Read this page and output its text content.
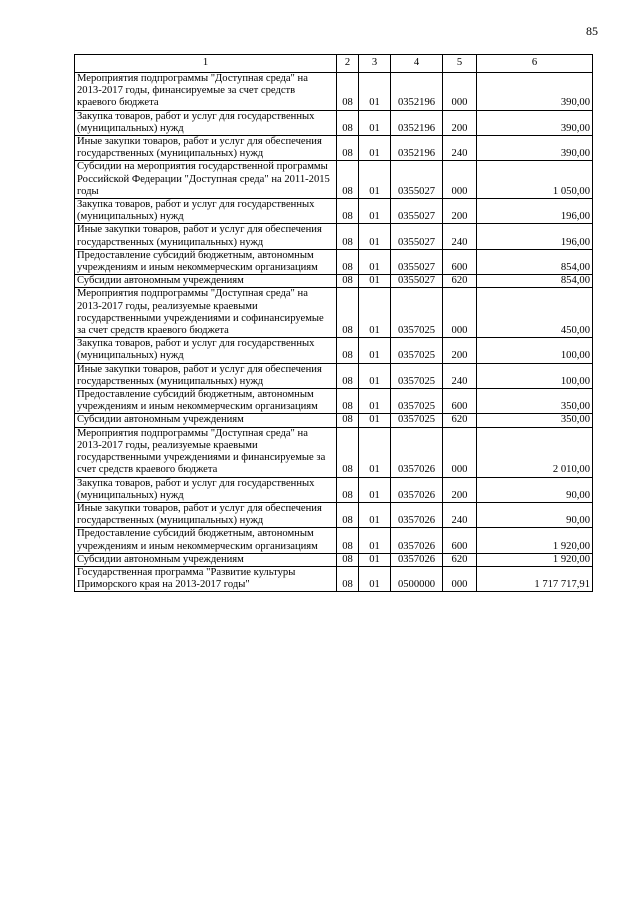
85
1	2	3	4	5	6
Мероприятия подпрограммы "Доступная среда" на 2013-2017 годы, финансируемые за счет средств краевого бюджета	08	01	0352196	000	390,00
Закупка товаров, работ и услуг для государственных (муниципальных) нужд	08	01	0352196	200	390,00
Иные закупки товаров, работ и услуг для обеспечения государственных (муниципальных) нужд	08	01	0352196	240	390,00
Субсидии на мероприятия государственной программы Российской Федерации "Доступная среда" на 2011-2015 годы	08	01	0355027	000	1 050,00
Закупка товаров, работ и услуг для государственных (муниципальных) нужд	08	01	0355027	200	196,00
Иные закупки товаров, работ и услуг для обеспечения государственных (муниципальных) нужд	08	01	0355027	240	196,00
Предоставление субсидий бюджетным, автономным учреждениям и иным некоммерческим организациям	08	01	0355027	600	854,00
Субсидии автономным учреждениям	08	01	0355027	620	854,00
Мероприятия подпрограммы "Доступная среда" на 2013-2017 годы, реализуемые краевыми государственными учреждениями и софинансируемые за счет средств краевого бюджета	08	01	0357025	000	450,00
Закупка товаров, работ и услуг для государственных (муниципальных) нужд	08	01	0357025	200	100,00
Иные закупки товаров, работ и услуг для обеспечения государственных (муниципальных) нужд	08	01	0357025	240	100,00
Предоставление субсидий бюджетным, автономным учреждениям и иным некоммерческим организациям	08	01	0357025	600	350,00
Субсидии автономным учреждениям	08	01	0357025	620	350,00
Мероприятия подпрограммы "Доступная среда" на 2013-2017 годы, реализуемые краевыми государственными учреждениями и финансируемые за счет средств краевого бюджета	08	01	0357026	000	2 010,00
Закупка товаров, работ и услуг для государственных (муниципальных) нужд	08	01	0357026	200	90,00
Иные закупки товаров, работ и услуг для обеспечения государственных (муниципальных) нужд	08	01	0357026	240	90,00
Предоставление субсидий бюджетным, автономным учреждениям и иным некоммерческим организациям	08	01	0357026	600	1 920,00
Субсидии автономным учреждениям	08	01	0357026	620	1 920,00
Государственная программа "Развитие культуры Приморского края на 2013-2017 годы"	08	01	0500000	000	1 717 717,91
